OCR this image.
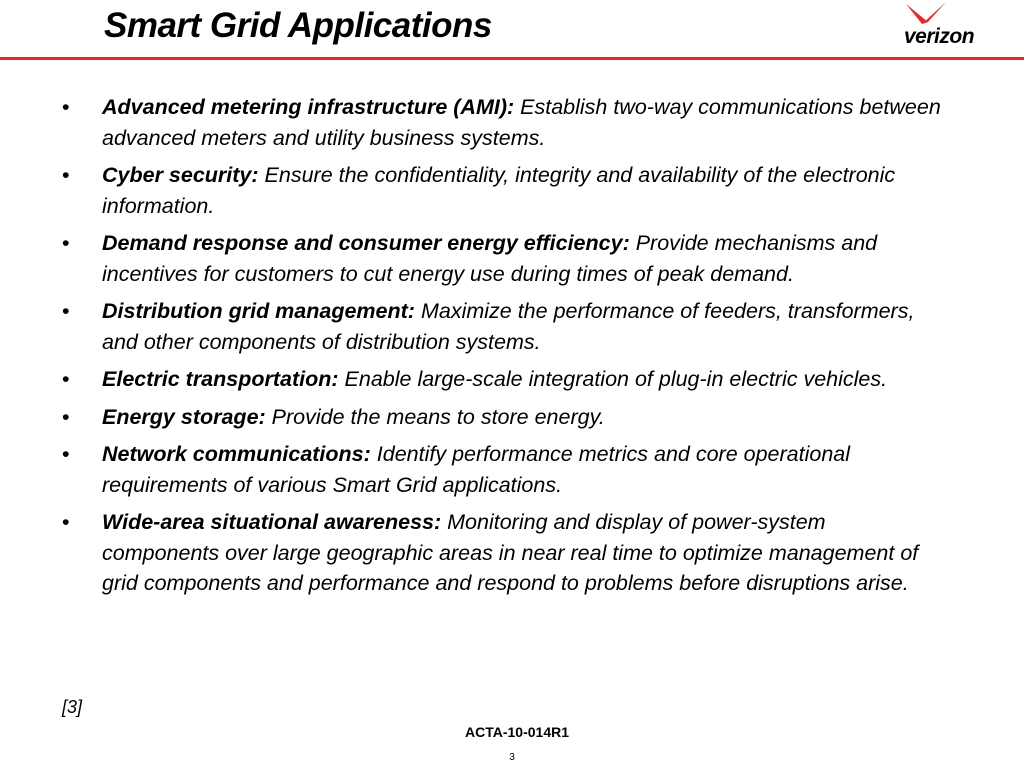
Smart Grid Applications	verizon
• Advanced metering infrastructure (AMI): Establish two-way communications between advanced meters and utility business systems.
• Cyber security: Ensure the confidentiality, integrity and availability of the electronic information.
• Demand response and consumer energy efficiency: Provide mechanisms and incentives for customers to cut energy use during times of peak demand.
• Distribution grid management: Maximize the performance of feeders, transformers, and other components of distribution systems.
• Electric transportation: Enable large-scale integration of plug-in electric vehicles.
• Energy storage: Provide the means to store energy.
• Network communications: Identify performance metrics and core operational requirements of various Smart Grid applications.
• Wide-area situational awareness: Monitoring and display of power-system components over large geographic areas in near real time to optimize management of grid components and performance and respond to problems before disruptions arise.
[3]
ACTA-10-014R1
3
